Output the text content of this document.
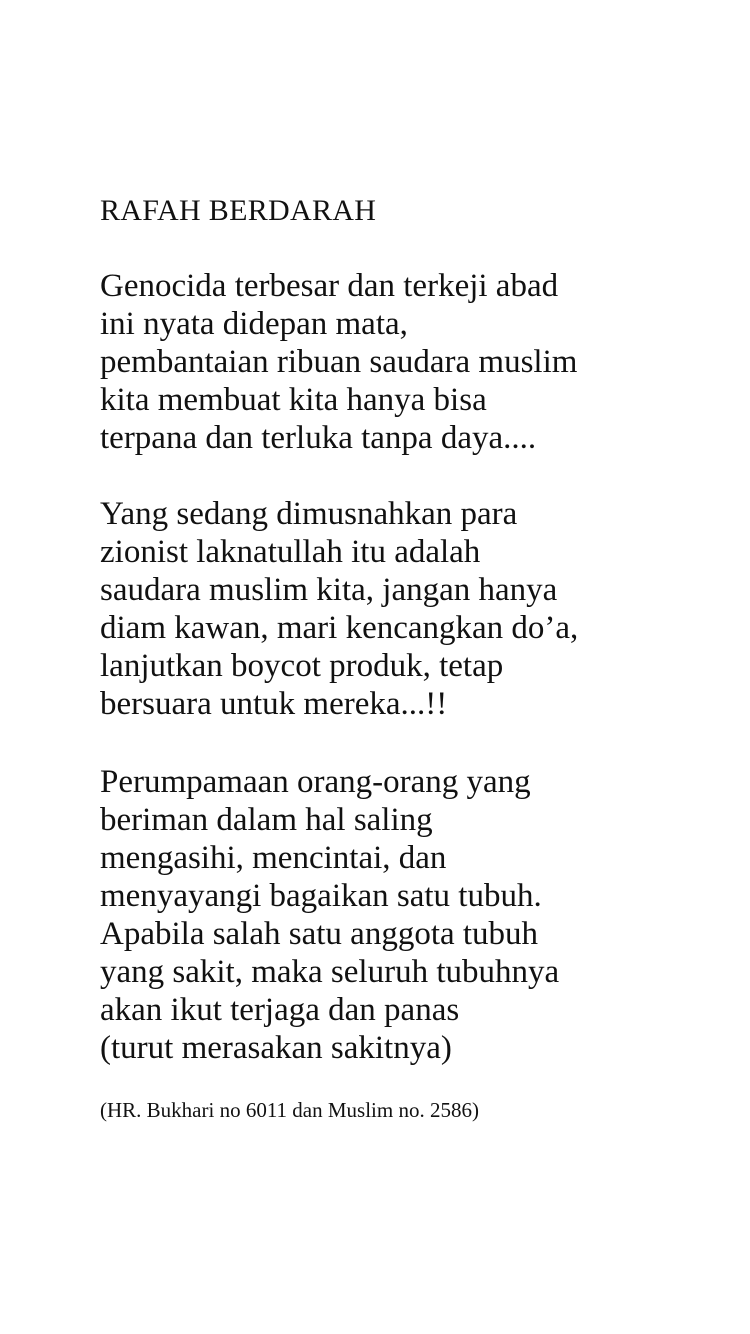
RAFAH BERDARAH

Genocida terbesar dan terkeji abad
ini nyata didepan mata,
pembantaian ribuan saudara muslim
kita membuat kita hanya bisa
terpana dan terluka tanpa daya....

Yang sedang dimusnahkan para
zionist laknatullah itu adalah
saudara muslim kita, jangan hanya
diam kawan, mari kencangkan do’a,
lanjutkan boycot produk, tetap
bersuara untuk mereka...!!

Perumpamaan orang-orang yang
beriman dalam hal saling
mengasihi, mencintai, dan
menyayangi bagaikan satu tubuh.
Apabila salah satu anggota tubuh
yang sakit, maka seluruh tubuhnya
akan ikut terjaga dan panas
(turut merasakan sakitnya)

(HR. Bukhari no 6011 dan Muslim no. 2586)
